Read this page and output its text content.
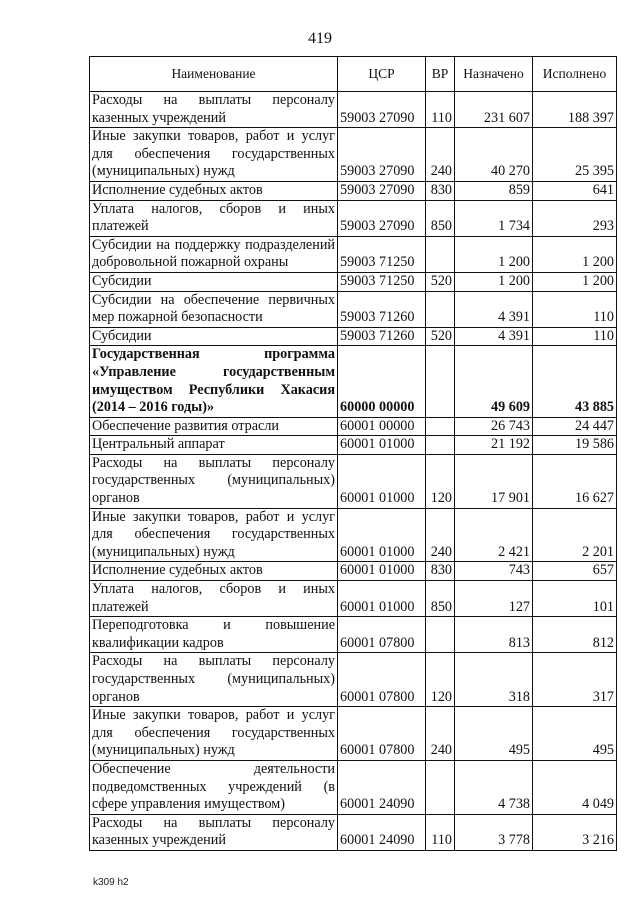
419
Наименование	ЦСР	ВР	Назначено	Исполнено
Расходы на выплаты персоналу казенных учреждений	59003 27090	110	231 607	188 397
Иные закупки товаров, работ и услуг для обеспечения государственных (муниципальных) нужд	59003 27090	240	40 270	25 395
Исполнение судебных актов	59003 27090	830	859	641
Уплата налогов, сборов и иных платежей	59003 27090	850	1 734	293
Субсидии на поддержку подразделений добровольной пожарной охраны	59003 71250		1 200	1 200
Субсидии	59003 71250	520	1 200	1 200
Субсидии на обеспечение первичных мер пожарной безопасности	59003 71260		4 391	110
Субсидии	59003 71260	520	4 391	110
Государственная программа «Управление государственным имуществом Республики Хакасия (2014 – 2016 годы)»	60000 00000		49 609	43 885
Обеспечение развития отрасли	60001 00000		26 743	24 447
Центральный аппарат	60001 01000		21 192	19 586
Расходы на выплаты персоналу государственных (муниципальных) органов	60001 01000	120	17 901	16 627
Иные закупки товаров, работ и услуг для обеспечения государственных (муниципальных) нужд	60001 01000	240	2 421	2 201
Исполнение судебных актов	60001 01000	830	743	657
Уплата налогов, сборов и иных платежей	60001 01000	850	127	101
Переподготовка и повышение квалификации кадров	60001 07800		813	812
Расходы на выплаты персоналу государственных (муниципальных) органов	60001 07800	120	318	317
Иные закупки товаров, работ и услуг для обеспечения государственных (муниципальных) нужд	60001 07800	240	495	495
Обеспечение деятельности подведомственных учреждений (в сфере управления имуществом)	60001 24090		4 738	4 049
Расходы на выплаты персоналу казенных учреждений	60001 24090	110	3 778	3 216
k309 h2
